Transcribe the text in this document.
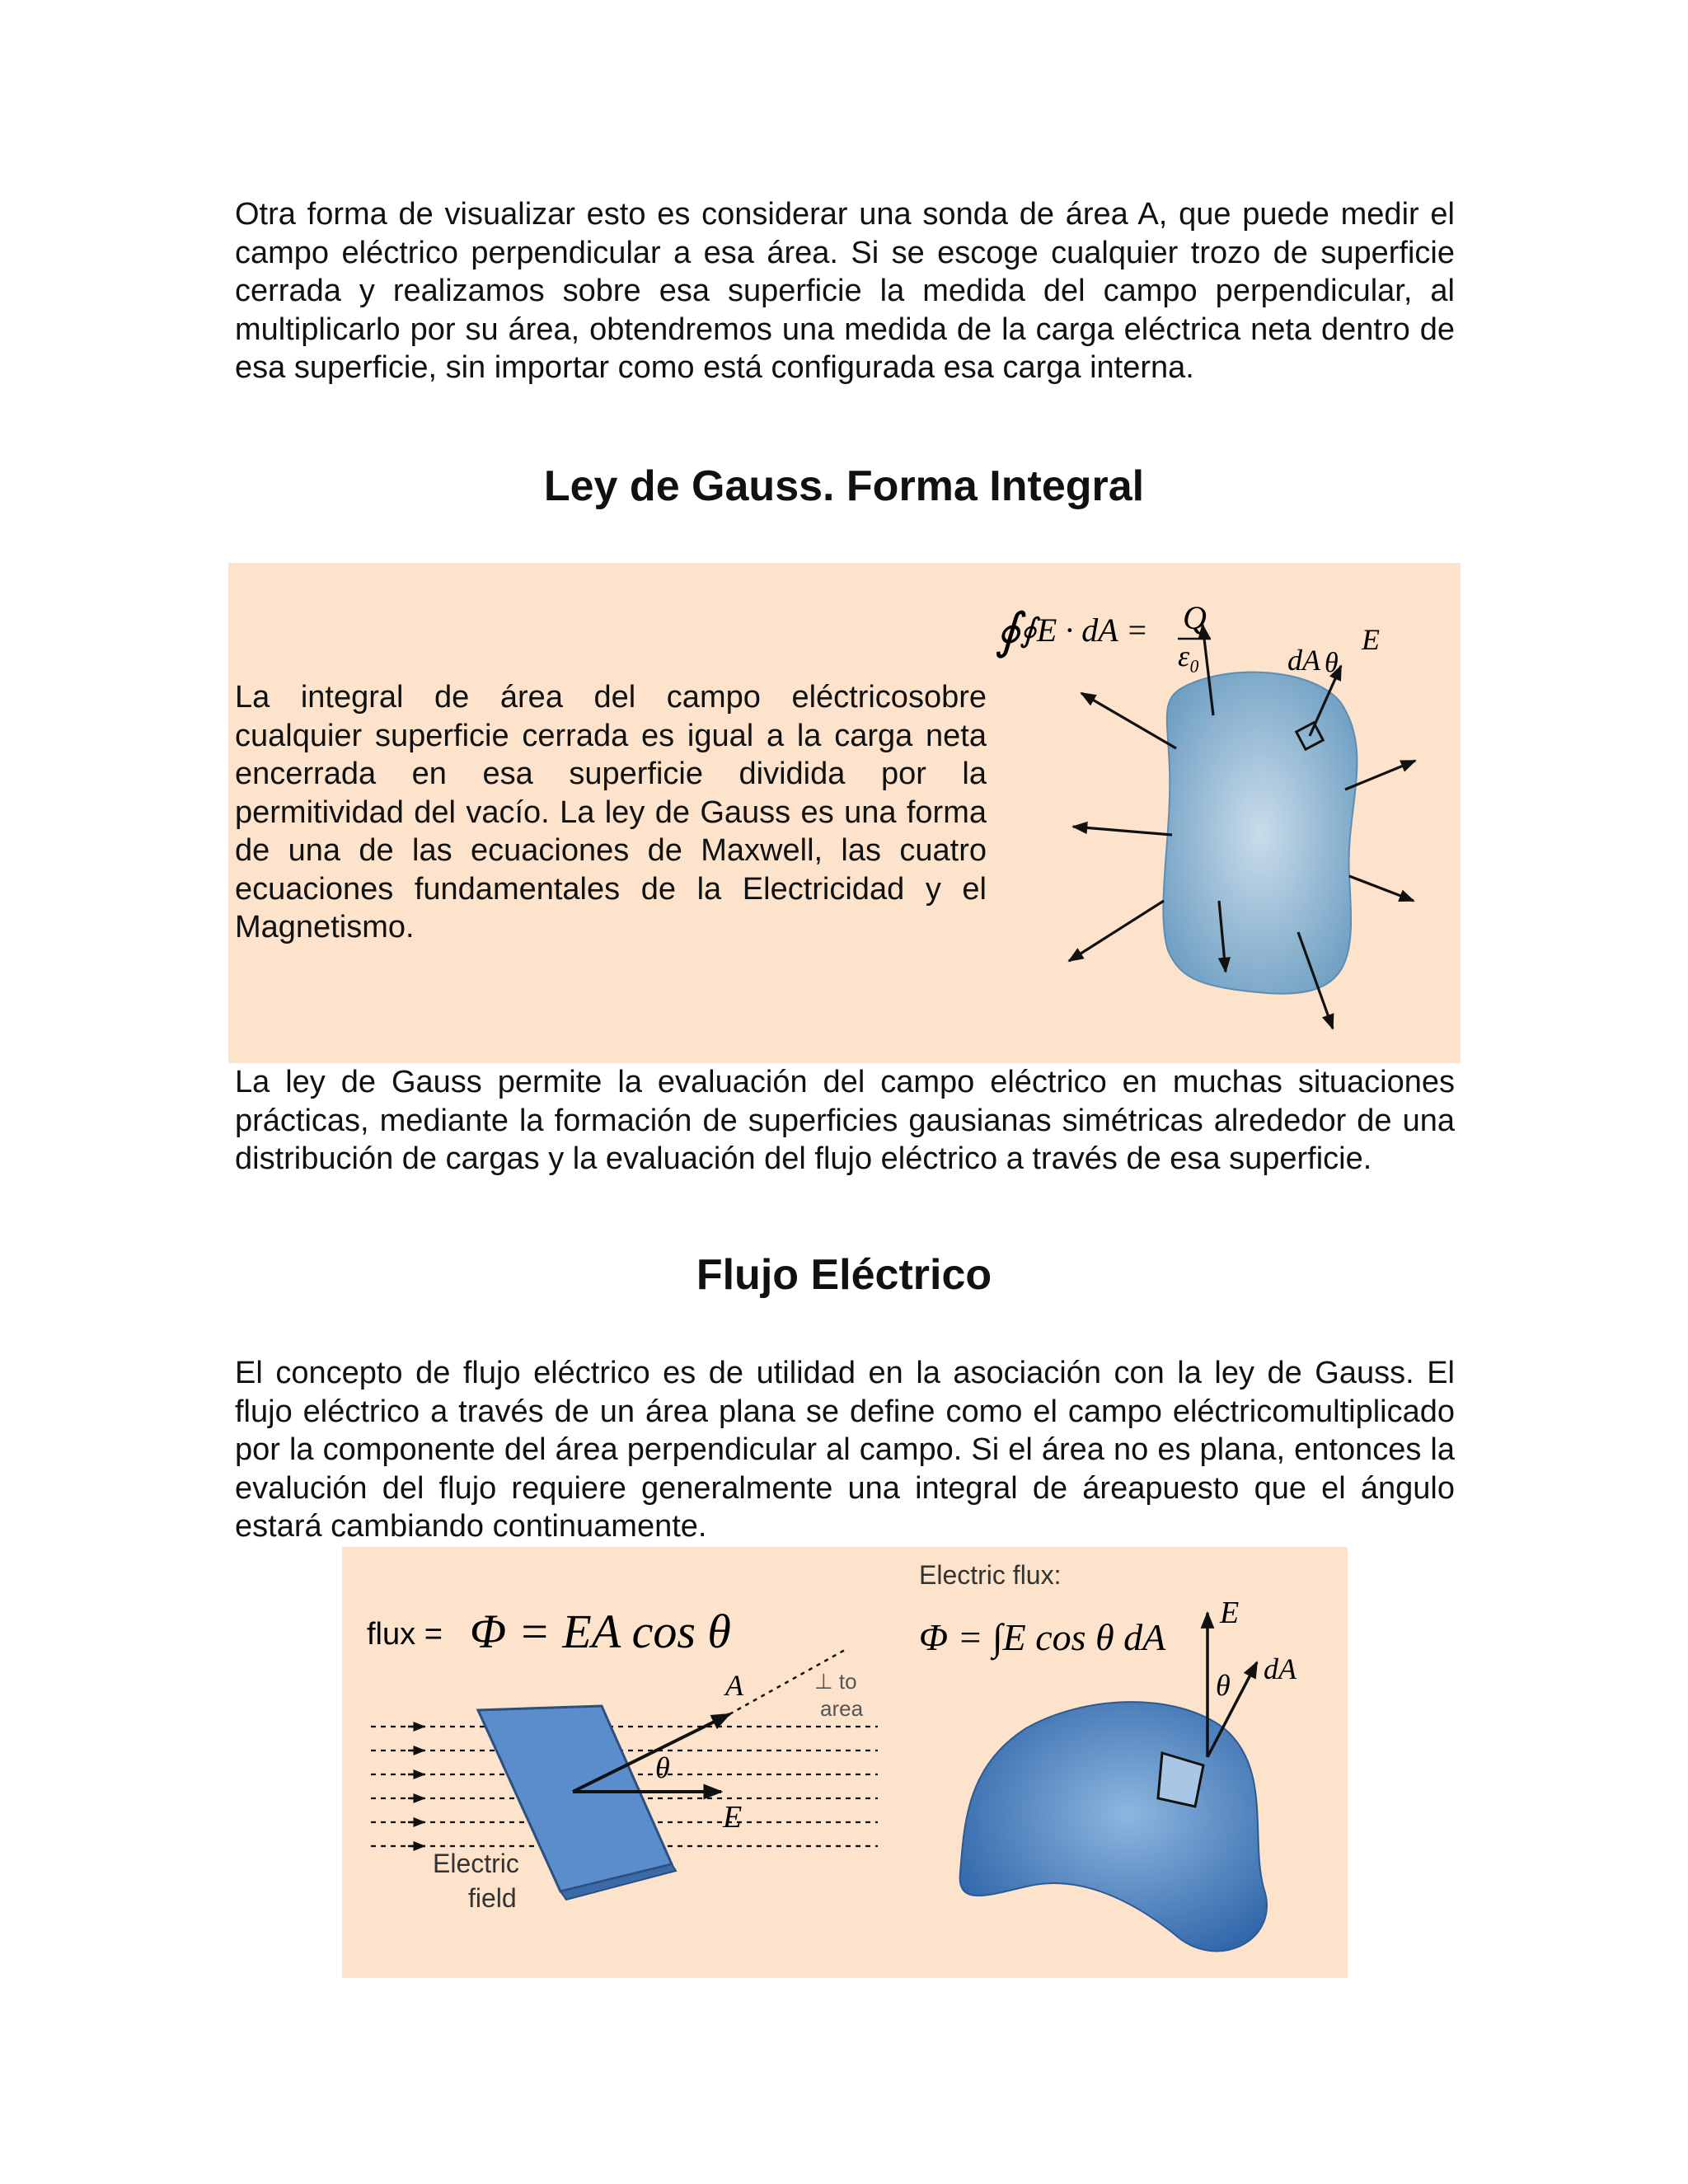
Otra forma de visualizar esto es considerar una sonda de área A, que puede medir el campo eléctrico perpendicular a esa área. Si se escoge cualquier trozo de superficie cerrada y realizamos sobre esa superficie la medida del campo perpendicular, al multiplicarlo por su área, obtendremos una medida de la carga eléctrica neta dentro de esa superficie, sin importar como está configurada esa carga interna.

Ley de Gauss. Forma Integral

La integral de área del campo eléctricosobre cualquier superficie cerrada es igual a la carga neta encerrada en esa superficie dividida por la permitividad del vacío. La ley de Gauss es una forma de una de las ecuaciones de Maxwell, las cuatro ecuaciones fundamentales de la Electricidad y el Magnetismo.

∮
∮E · dA = Q
ε₀	dA θ
E

La ley de Gauss permite la evaluación del campo eléctrico en muchas situaciones prácticas, mediante la formación de superficies gausianas simétricas alrededor de una distribución de cargas y la evaluación del flujo eléctrico a través de esa superficie.

Flujo Eléctrico

El concepto de flujo eléctrico es de utilidad en la asociación con la ley de Gauss. El flujo eléctrico a través de un área plana se define como el campo eléctricomultiplicado por la componente del área perpendicular al campo. Si el área no es plana, entonces la evalución del flujo requiere generalmente una integral de áreapuesto que el ángulo estará cambiando continuamente.

flux = Φ = EA cos θ
A	⊥ to
area
θ
E
Electric
field
Electric flux:
Φ = ∫E cos θ dA
E
θ dA
